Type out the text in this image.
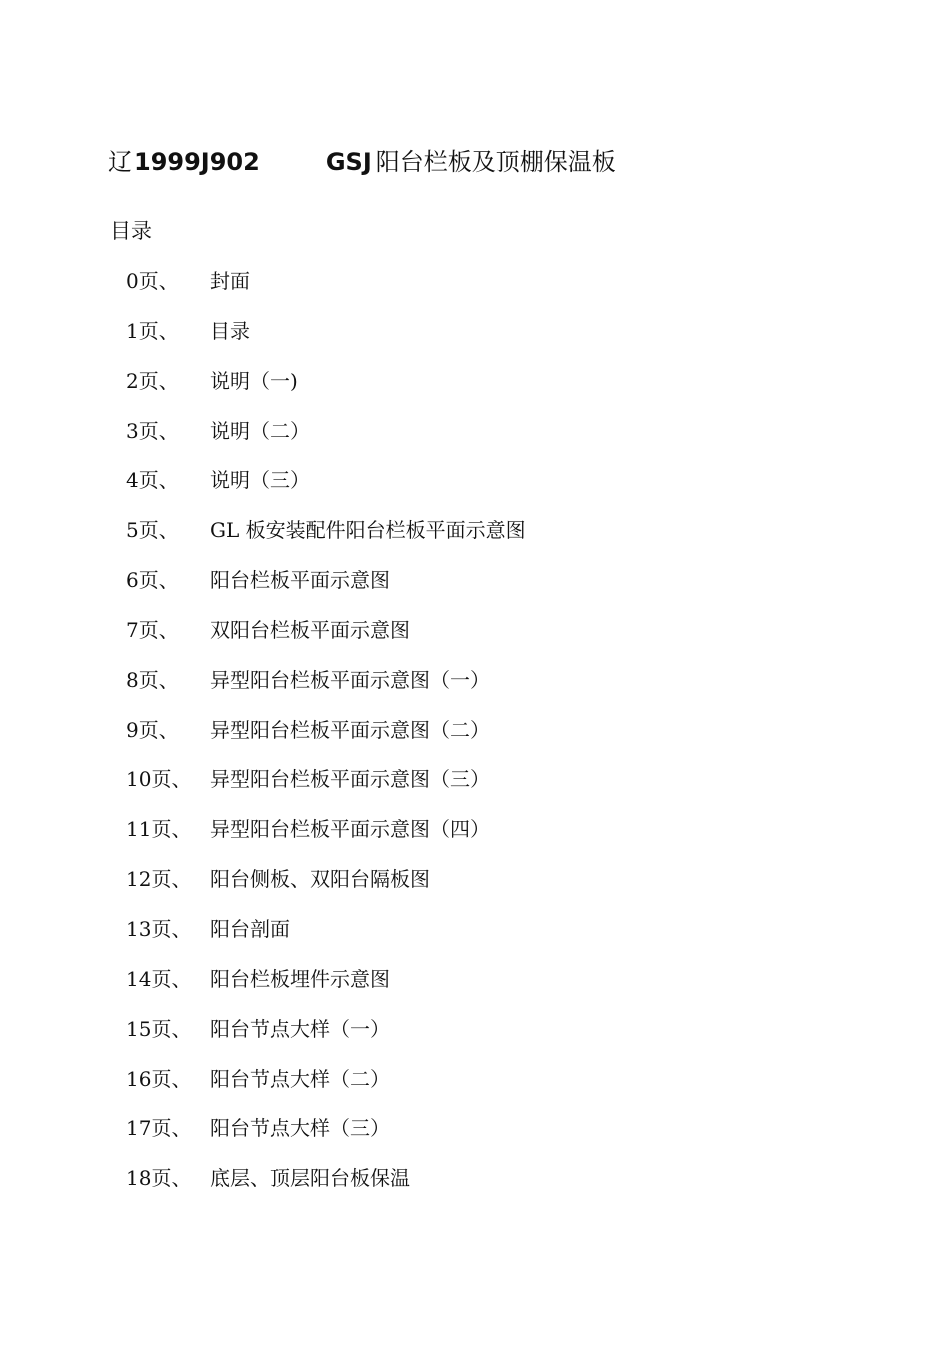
辽1999J902	GSJ 阳台栏板及顶棚保温板
目录
0页、	封面
1页、	目录
2页、	说明（一)
3页、	说明（二）
4页、	说明（三）
5页、	GL 板安装配件阳台栏板平面示意图
6页、	阳台栏板平面示意图
7页、	双阳台栏板平面示意图
8页、	异型阳台栏板平面示意图（一）
9页、	异型阳台栏板平面示意图（二）
10页、 异型阳台栏板平面示意图（三）
11页、 异型阳台栏板平面示意图（四）
12页、 阳台侧板、双阳台隔板图
13页、 阳台剖面
14页、 阳台栏板埋件示意图
15页、 阳台节点大样（一）
16页、 阳台节点大样（二）
17页、 阳台节点大样（三）
18页、 底层、顶层阳台板保温
